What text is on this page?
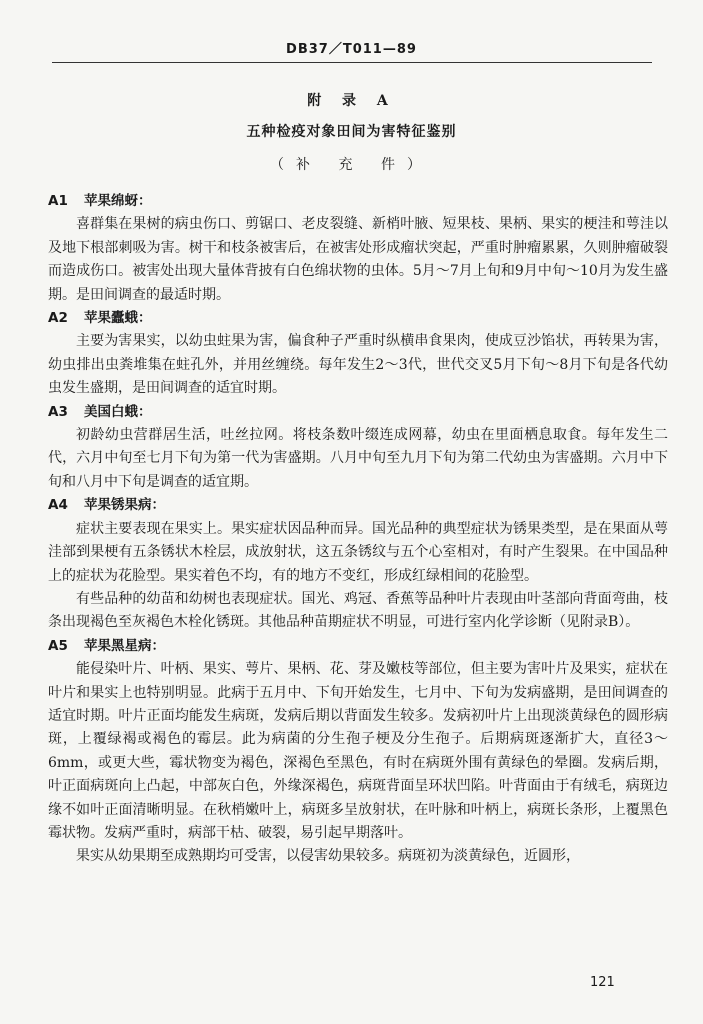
DB37／T011—89
附 录 A
五种检疫对象田间为害特征鉴别
（补 充 件）

A1 苹果绵蚜：

喜群集在果树的病虫伤口、剪锯口、老皮裂缝、新梢叶腋、短果枝、果柄、果实的梗洼和萼洼以及地下根部刺吸为害。树干和枝条被害后，在被害处形成瘤状突起，严重时肿瘤累累，久则肿瘤破裂而造成伤口。被害处出现大量体背披有白色绵状物的虫体。5月～7月上旬和9月中旬～10月为发生盛期。是田间调查的最适时期。

A2 苹果蠹蛾：

主要为害果实，以幼虫蛀果为害，偏食种子严重时纵横串食果肉，使成豆沙馅状，再转果为害，幼虫排出虫粪堆集在蛀孔外，并用丝缠绕。每年发生2～3代，世代交叉5月下旬～8月下旬是各代幼虫发生盛期，是田间调查的适宜时期。

A3 美国白蛾：

初龄幼虫营群居生活，吐丝拉网。将枝条数叶缀连成网幕，幼虫在里面栖息取食。每年发生二代，六月中旬至七月下旬为第一代为害盛期。八月中旬至九月下旬为第二代幼虫为害盛期。六月中下旬和八月中下旬是调查的适宜期。

A4 苹果锈果病：

症状主要表现在果实上。果实症状因品种而异。国光品种的典型症状为锈果类型，是在果面从萼洼部到果梗有五条锈状木栓层，成放射状，这五条锈纹与五个心室相对，有时产生裂果。在中国品种上的症状为花脸型。果实着色不均，有的地方不变红，形成红绿相间的花脸型。

有些品种的幼苗和幼树也表现症状。国光、鸡冠、香蕉等品种叶片表现由叶茎部向背面弯曲，枝条出现褐色至灰褐色木栓化锈斑。其他品种苗期症状不明显，可进行室内化学诊断（见附录B）。

A5 苹果黑星病：

能侵染叶片、叶柄、果实、萼片、果柄、花、芽及嫩枝等部位，但主要为害叶片及果实，症状在叶片和果实上也特别明显。此病于五月中、下旬开始发生，七月中、下旬为发病盛期，是田间调查的适宜时期。叶片正面均能发生病斑，发病后期以背面发生较多。发病初叶片上出现淡黄绿色的圆形病斑，上覆绿褐或褐色的霉层。此为病菌的分生孢子梗及分生孢子。后期病斑逐渐扩大，直径3～6mm，或更大些，霉状物变为褐色，深褐色至黑色，有时在病斑外围有黄绿色的晕圈。发病后期，叶正面病斑向上凸起，中部灰白色，外缘深褐色，病斑背面呈环状凹陷。叶背面由于有绒毛，病斑边缘不如叶正面清晰明显。在秋梢嫩叶上，病斑多呈放射状，在叶脉和叶柄上，病斑长条形，上覆黑色霉状物。发病严重时，病部干枯、破裂，易引起早期落叶。

果实从幼果期至成熟期均可受害，以侵害幼果较多。病斑初为淡黄绿色，近圆形，

121
